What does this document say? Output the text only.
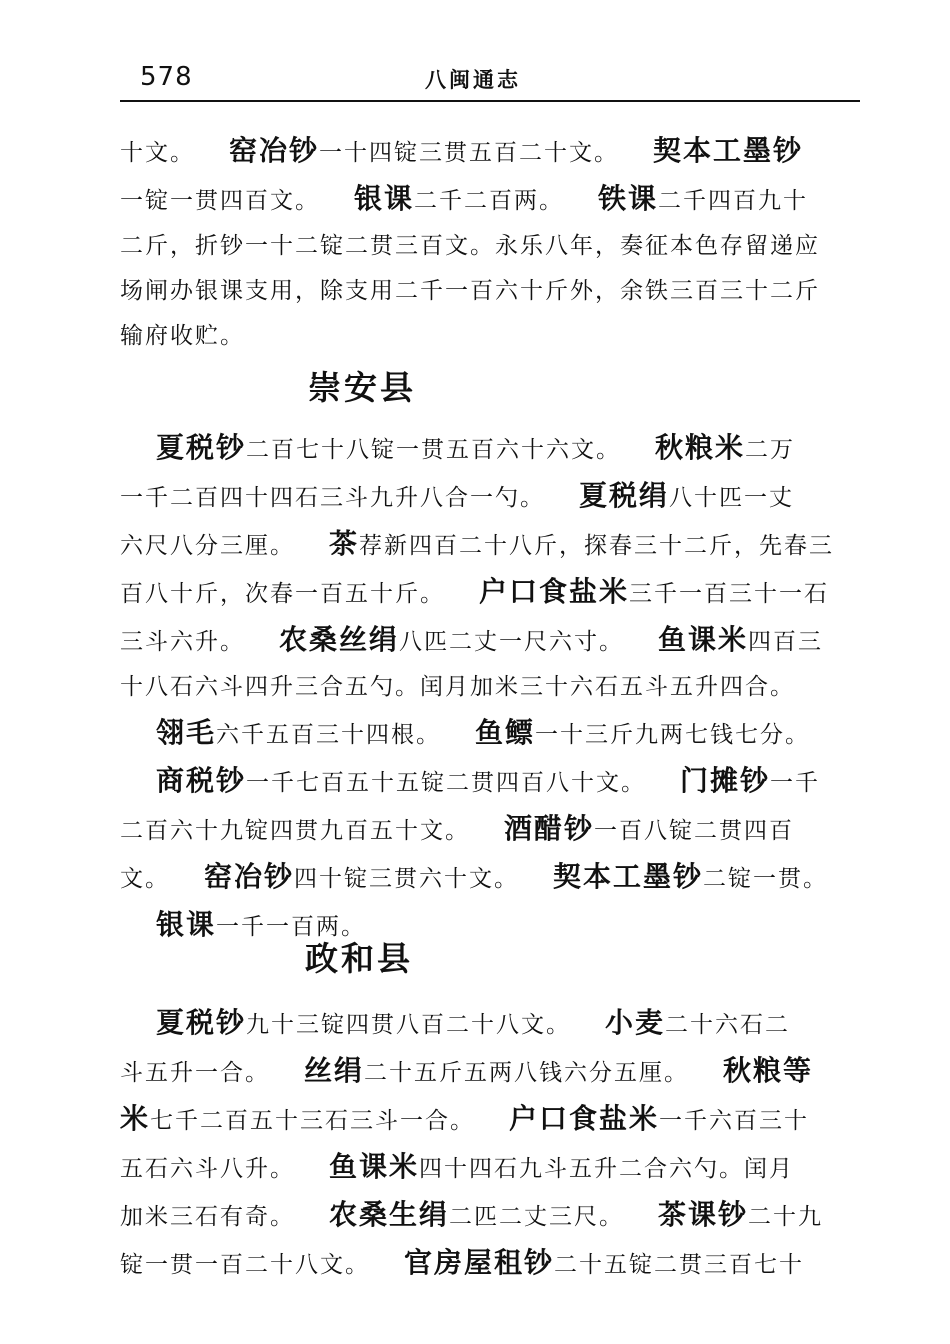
578	八闽通志
十文。 窑冶钞一十四锭三贯五百二十文。 契本工墨钞
一锭一贯四百文。 银课二千二百两。 铁课二千四百九十
二斤，折钞一十二锭二贯三百文。永乐八年，奏征本色存留递应
场闸办银课支用，除支用二千一百六十斤外，余铁三百三十二斤
输府收贮。
崇安县
夏税钞二百七十八锭一贯五百六十六文。 秋粮米二万
一千二百四十四石三斗九升八合一勺。 夏税绢八十匹一丈
六尺八分三厘。 茶荐新四百二十八斤，探春三十二斤，先春三
百八十斤，次春一百五十斤。 户口食盐米三千一百三十一石
三斗六升。 农桑丝绢八匹二丈一尺六寸。 鱼课米四百三
十八石六斗四升三合五勺。闰月加米三十六石五斗五升四合。
翎毛六千五百三十四根。 鱼鳔一十三斤九两七钱七分。
商税钞一千七百五十五锭二贯四百八十文。 门摊钞一千
二百六十九锭四贯九百五十文。 酒醋钞一百八锭二贯四百
文。 窑冶钞四十锭三贯六十文。 契本工墨钞二锭一贯。
银课一千一百两。
政和县
夏税钞九十三锭四贯八百二十八文。 小麦二十六石二
斗五升一合。 丝绢二十五斤五两八钱六分五厘。 秋粮等
米七千二百五十三石三斗一合。 户口食盐米一千六百三十
五石六斗八升。 鱼课米四十四石九斗五升二合六勺。闰月
加米三石有奇。 农桑生绢二匹二丈三尺。 茶课钞二十九
锭一贯一百二十八文。 官房屋租钞二十五锭二贯三百七十
